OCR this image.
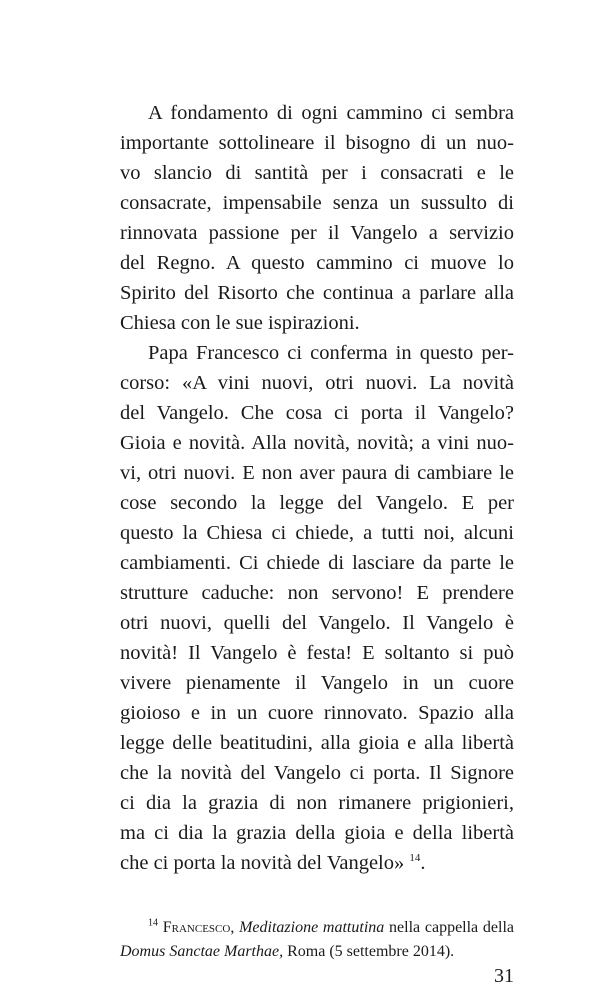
A fondamento di ogni cammino ci sembra
importante sottolineare il bisogno di un nuo-
vo slancio di santità per i consacrati e le
consacrate, impensabile senza un sussulto di
rinnovata passione per il Vangelo a servizio
del Regno. A questo cammino ci muove lo
Spirito del Risorto che continua a parlare alla
Chiesa con le sue ispirazioni.
Papa Francesco ci conferma in questo per-
corso: «A vini nuovi, otri nuovi. La novità
del Vangelo. Che cosa ci porta il Vangelo?
Gioia e novità. Alla novità, novità; a vini nuo-
vi, otri nuovi. E non aver paura di cambiare le
cose secondo la legge del Vangelo. E per
questo la Chiesa ci chiede, a tutti noi, alcuni
cambiamenti. Ci chiede di lasciare da parte le
strutture caduche: non servono! E prendere
otri nuovi, quelli del Vangelo. Il Vangelo è
novità! Il Vangelo è festa! E soltanto si può
vivere pienamente il Vangelo in un cuore
gioioso e in un cuore rinnovato. Spazio alla
legge delle beatitudini, alla gioia e alla libertà
che la novità del Vangelo ci porta. Il Signore
ci dia la grazia di non rimanere prigionieri,
ma ci dia la grazia della gioia e della libertà
che ci porta la novità del Vangelo» $^{14}$.
$^{14}$ Francesco, Meditazione mattutina nella cappella della
Domus Sanctae Marthae, Roma (5 settembre 2014).
31
